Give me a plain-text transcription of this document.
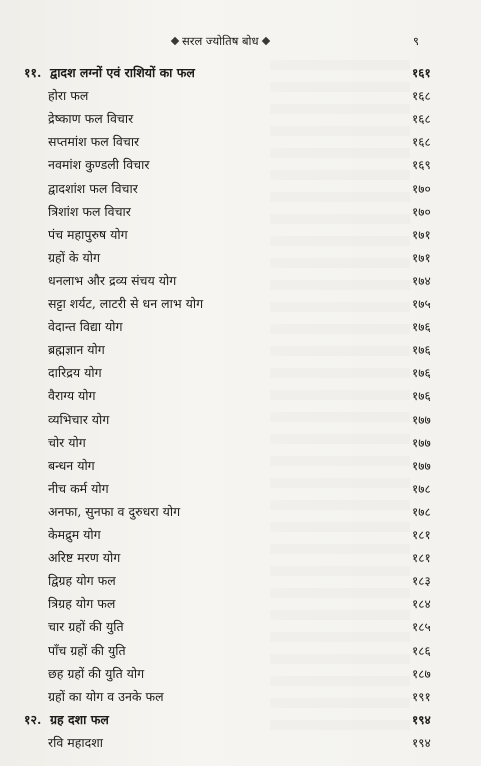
सरल ज्योतिष बोध	९
११. द्वादश लग्नों एवं राशियों का फल	१६१
होरा फल	१६८
द्रेष्काण फल विचार	१६८
सप्तमांश फल विचार	१६८
नवमांश कुण्डली विचार	१६९
द्वादशांश फल विचार	१७०
त्रिशांश फल विचार	१७०
पंच महापुरुष योग	१७१
ग्रहों के योग	१७१
धनलाभ और द्रव्य संचय योग	१७४
सट्टा शर्यट, लाटरी से धन लाभ योग	१७५
वेदान्त विद्या योग	१७६
ब्रह्मज्ञान योग	१७६
दारिद्रय योग	१७६
वैराग्य योग	१७६
व्यभिचार योग	१७७
चोर योग	१७७
बन्धन योग	१७७
नीच कर्म योग	१७८
अनफा, सुनफा व दुरुधरा योग	१७८
केमद्रुम योग	१८१
अरिष्ट मरण योग	१८१
द्विग्रह योग फल	१८३
त्रिग्रह योग फल	१८४
चार ग्रहों की युति	१८५
पाँच ग्रहों की युति	१८६
छह ग्रहों की युति योग	१८७
ग्रहों का योग व उनके फल	१९१
१२. ग्रह दशा फल	१९४
रवि महादशा	१९४
